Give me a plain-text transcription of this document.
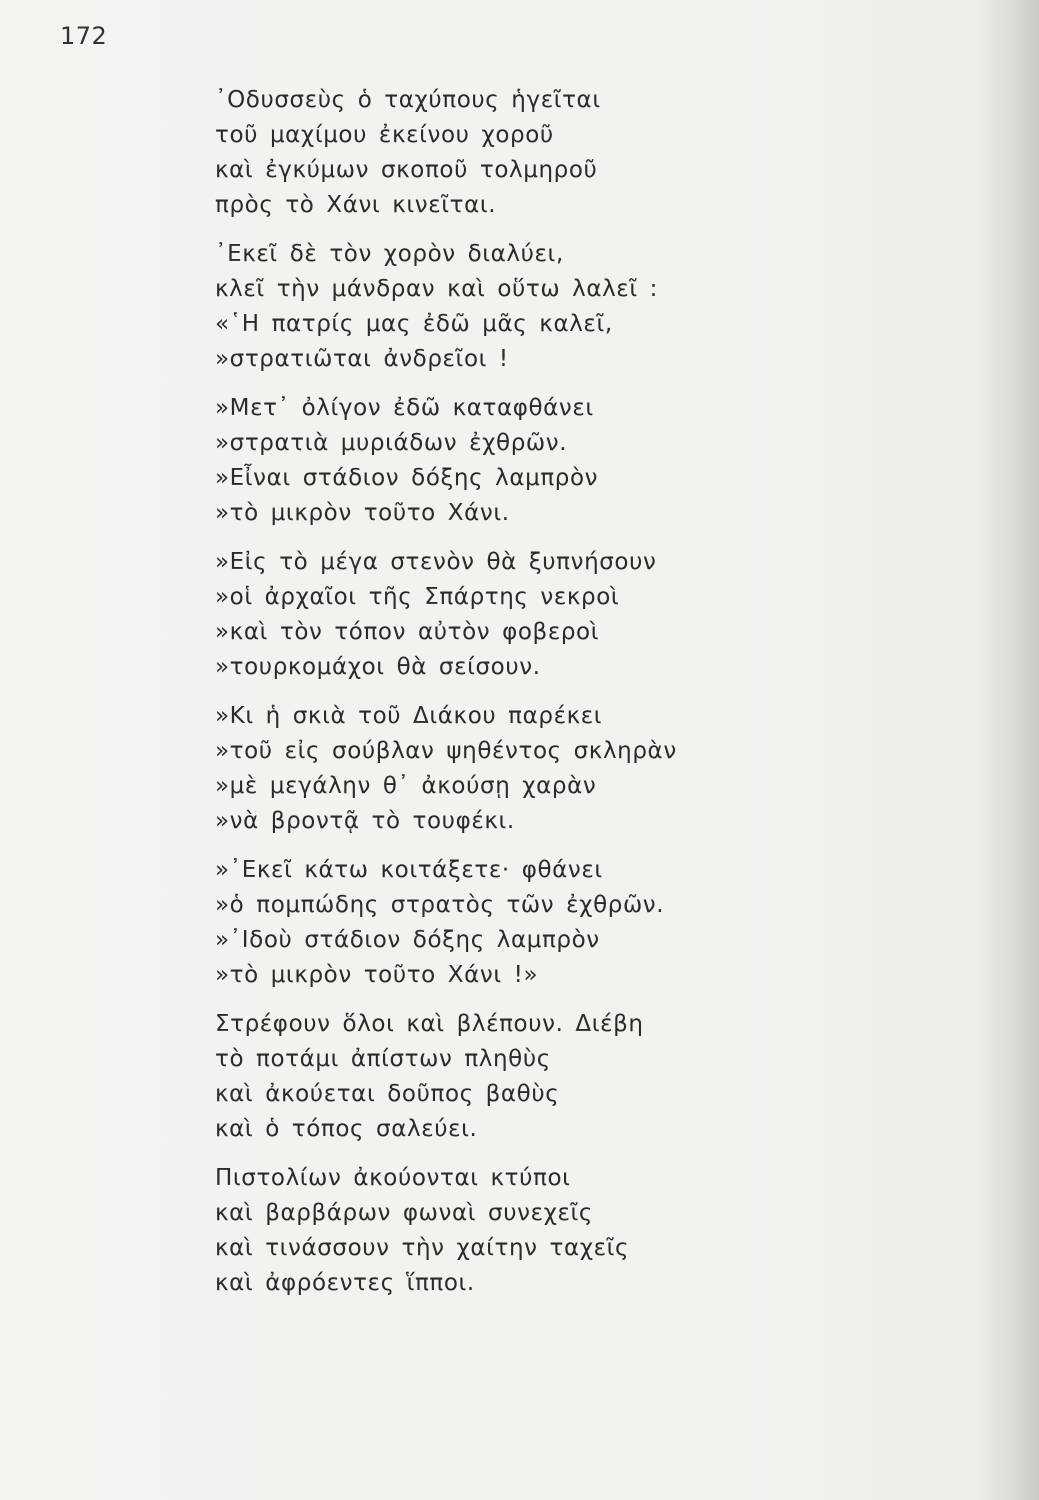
172
᾿Οδυσσεὺς ὁ ταχύπους ἡγεῖται
τοῦ μαχίμου ἐκείνου χοροῦ
καὶ ἐγκύμων σκοποῦ τολμηροῦ
πρὸς τὸ Χάνι κινεῖται.
᾿Εκεῖ δὲ τὸν χορὸν διαλύει,
κλεῖ τὴν μάνδραν καὶ οὕτω λαλεῖ :
«῾Η πατρίς μας ἐδῶ μᾶς καλεῖ,
»στρατιῶται ἀνδρεῖοι !
»Μετ᾿ ὀλίγον ἐδῶ καταφθάνει
»στρατιὰ μυριάδων ἐχθρῶν.
»Εἶναι στάδιον δόξης λαμπρὸν
»τὸ μικρὸν τοῦτο Χάνι.
»Εἰς τὸ μέγα στενὸν θὰ ξυπνήσουν
»οἱ ἀρχαῖοι τῆς Σπάρτης νεκροὶ
»καὶ τὸν τόπον αὐτὸν φοβεροὶ
»τουρκομάχοι θὰ σείσουν.
»Κι ἡ σκιὰ τοῦ Διάκου παρέκει
»τοῦ εἰς σούβλαν ψηθέντος σκληρὰν
»μὲ μεγάλην θ᾿ ἀκούσῃ χαρὰν
»νὰ βροντᾷ τὸ τουφέκι.
»᾿Εκεῖ κάτω κοιτάξετε· φθάνει
»ὁ πομπώδης στρατὸς τῶν ἐχθρῶν.
»᾿Ιδοὺ στάδιον δόξης λαμπρὸν
»τὸ μικρὸν τοῦτο Χάνι !»
Στρέφουν ὅλοι καὶ βλέπουν. Διέβη
τὸ ποτάμι ἀπίστων πληθὺς
καὶ ἀκούεται δοῦπος βαθὺς
καὶ ὁ τόπος σαλεύει.
Πιστολίων ἀκούονται κτύποι
καὶ βαρβάρων φωναὶ συνεχεῖς
καὶ τινάσσουν τὴν χαίτην ταχεῖς
καὶ ἀφρόεντες ἵπποι.
